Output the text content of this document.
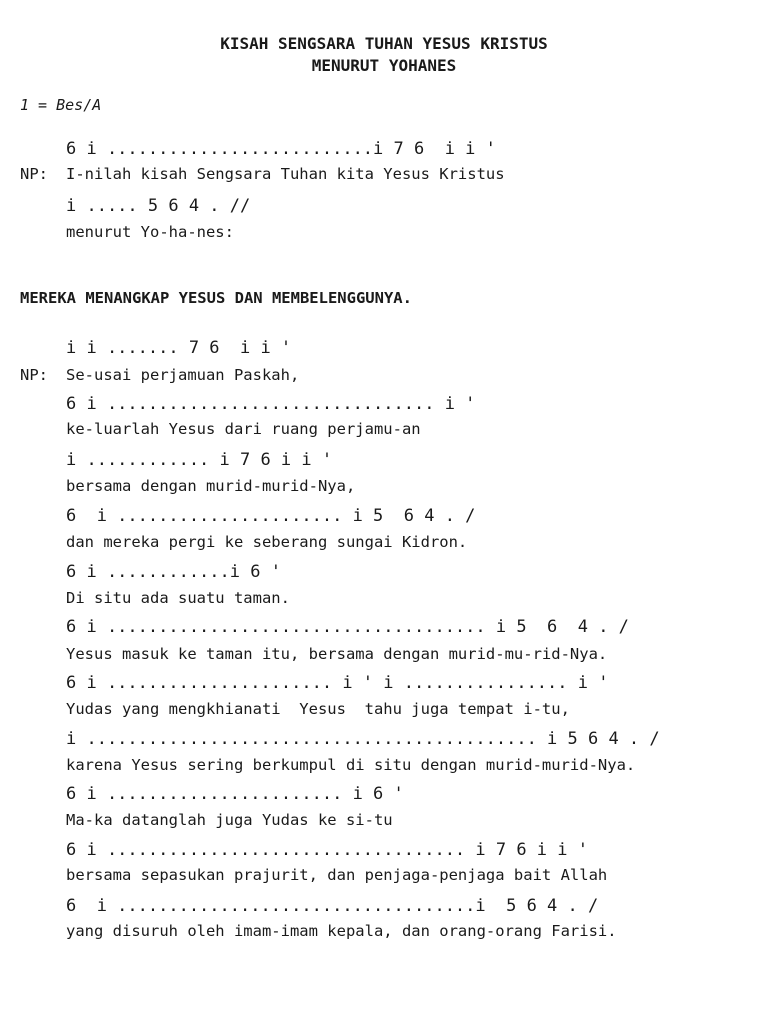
KISAH SENGSARA TUHAN YESUS KRISTUS
MENURUT YOHANES
1 = Bes/A
6 i̇ ..........................i̇ 7 6  i̇ i̇ '
NP: I-nilah kisah Sengsara Tuhan kita Yesus Kristus
i̇ ..... 5 6 4 . //
menurut Yo-ha-nes:
MEREKA MENANGKAP YESUS DAN MEMBELENGGUNYA.
i̇ i̇ ....... 7 6  i̇ i̇ '
NP: Se-usai perjamuan Paskah,
6 i̇ ................................ i̇ '
ke-luarlah Yesus dari ruang perjamu-an
i̇ ............ i̇ 7 6 i̇ i̇ '
bersama dengan murid-murid-Nya,
6  i̇ ...................... i̇ 5  6 4 . /
dan mereka pergi ke seberang sungai Kidron.
6 i̇ ............i̇ 6 '
Di situ ada suatu taman.
6 i̇ ..................................... i̇ 5  6  4 . /
Yesus masuk ke taman itu, bersama dengan murid-mu-rid-Nya.
6 i̇ ...................... i̇ ' i̇ ................ i̇ '
Yudas yang mengkhianati  Yesus  tahu juga tempat i-tu,
i̇ ............................................ i̇ 5 6 4 . /
karena Yesus sering berkumpul di situ dengan murid-murid-Nya.
6 i̇ ....................... i̇ 6 '
Ma-ka datanglah juga Yudas ke si-tu
6 i̇ ................................... i̇ 7 6 i̇ i̇ '
bersama sepasukan prajurit, dan penjaga-penjaga bait Allah
6  i̇ ...................................i̇  5 6 4 . /
yang disuruh oleh imam-imam kepala, dan orang-orang Farisi.
